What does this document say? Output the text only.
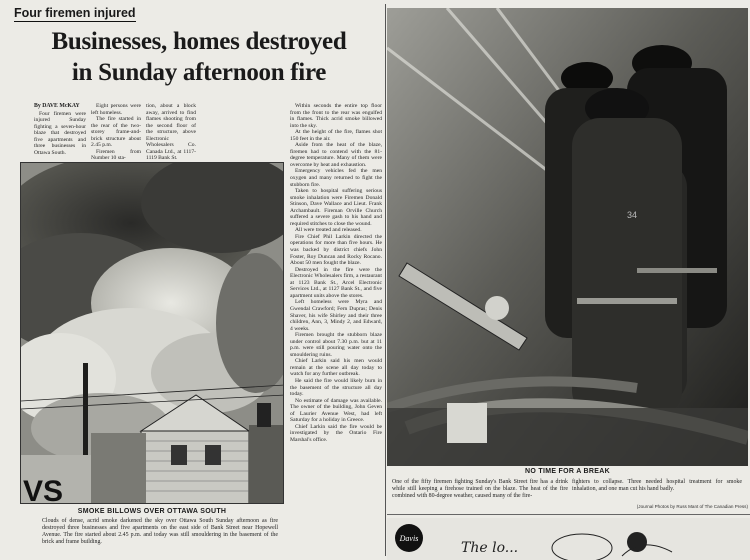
Four firemen injured
Businesses, homes destroyed
in Sunday afternoon fire

By DAVE McKAY

Four firemen were injured Sunday fighting a seven-hour blaze that destroyed five apartments and three businesses in Ottawa South.

Eight persons were left homeless.

The fire started in the rear of the two-storey frame-and-brick structure about 2.45 p.m.

Firemen from Number 10 sta-

tion, about a block away, arrived to find flames shooting from the second floor of the structure, above Electronic Wholesalers Co. Canada Ltd., at 1117-1119 Bank St.

Within seconds the entire top floor from the front to the rear was engulfed in flames. Thick acrid smoke billowed into the sky.

At the height of the fire, flames shot 150 feet in the air.

Aside from the heat of the blaze, firemen had to contend with the 81-degree temperature. Many of them were overcome by heat and exhaustion.

Emergency vehicles fed the men oxygen and many returned to fight the stubborn fire.

Taken to hospital suffering serious smoke inhalation were Firemen Donald Stinson, Dave Wallace and Lieut. Frank Archambault. Fireman Orville Church suffered a severe gash to his hand and required stitches to close the wound.

All were treated and released.

Fire Chief Phil Larkin directed the operations for more than five hours. He was backed by district chiefs John Foster, Roy Duncan and Rocky Rocano. About 50 men fought the blaze.

Destroyed in the fire were the Electronic Wholesalers firm, a restaurant at 1123 Bank St., Arcel Electronic Services Ltd., at 1127 Bank St., and five apartment units above the stores.

Left homeless were Myra and Gwendal Crawford; Fern Dupras; Denis Shaver, his wife Shirley and their three children, Ann, 3, Mindy 2, and Edward, 4 weeks.

Firemen brought the stubborn blaze under control about 7.30 p.m. but at 11 p.m. were still pouring water onto the smouldering ruins.

Chief Larkin said his men would remain at the scene all day today to watch for any further outbreak.

He said the fire would likely burn in the basement of the structure all day today.

No estimate of damage was available. The owner of the building, John Geven of Laurier Avenue West, had left Saturday for a holiday in Greece.

Chief Larkin said the fire would be investigated by the Ontario Fire Marshal's office.

VS
SMOKE BILLOWS OVER OTTAWA SOUTH
Clouds of dense, acrid smoke darkened the sky over Ottawa South Sunday afternoon as fire destroyed three businesses and five apartments on the east side of Bank Street near Hopewell Avenue. The fire started about 2.45 p.m. and today was still smouldering in the basement of the brick and frame building.
34
NO TIME FOR A BREAK
One of the fifty firemen fighting Sunday's Bank Street fire has a drink while still keeping a firehose trained on the blaze. The heat of the fire combined with 80-degree weather, caused many of the fire-
fighters to collapse. Three needed hospital treatment for smoke inhalation, and one man cut his hand badly.
(Journal Photos by Russ Mant of The Canadian Press)
Davis
The lo...
